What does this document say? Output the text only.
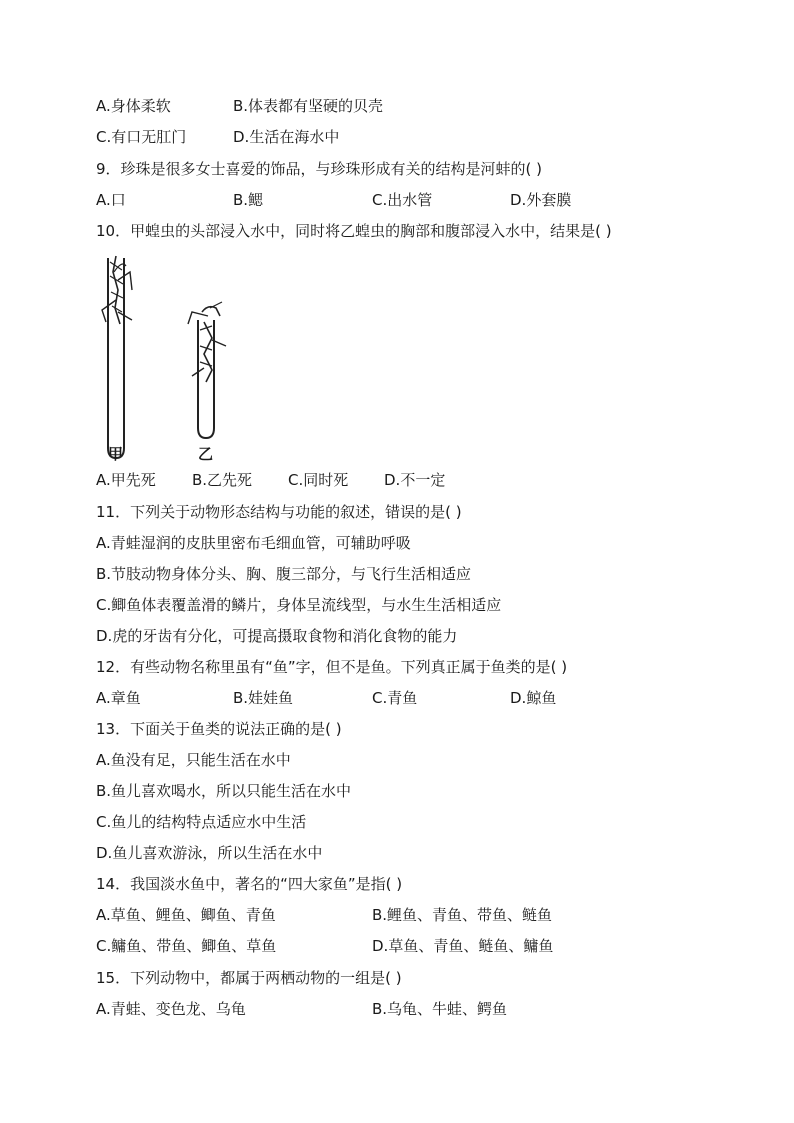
A.身体柔软	B.体表都有坚硬的贝壳
C.有口无肛门	D.生活在海水中
9．珍珠是很多女士喜爱的饰品，与珍珠形成有关的结构是河蚌的( )
A.口	B.鳃	C.出水管	D.外套膜
10．甲蝗虫的头部浸入水中，同时将乙蝗虫的胸部和腹部浸入水中，结果是( )
甲	乙
A.甲先死 B.乙先死 C.同时死 D.不一定
11．下列关于动物形态结构与功能的叙述，错误的是( )
A.青蛙湿润的皮肤里密布毛细血管，可辅助呼吸
B.节肢动物身体分头、胸、腹三部分，与飞行生活相适应
C.鲫鱼体表覆盖滑的鳞片，身体呈流线型，与水生生活相适应
D.虎的牙齿有分化，可提高摄取食物和消化食物的能力
12．有些动物名称里虽有“鱼”字，但不是鱼。下列真正属于鱼类的是( )
A.章鱼	B.娃娃鱼	C.青鱼	D.鲸鱼
13．下面关于鱼类的说法正确的是( )
A.鱼没有足，只能生活在水中
B.鱼儿喜欢喝水，所以只能生活在水中
C.鱼儿的结构特点适应水中生活
D.鱼儿喜欢游泳，所以生活在水中
14．我国淡水鱼中，著名的“四大家鱼”是指( )
A.草鱼、鲤鱼、鲫鱼、青鱼	B.鲤鱼、青鱼、带鱼、鲢鱼
C.鳙鱼、带鱼、鲫鱼、草鱼	D.草鱼、青鱼、鲢鱼、鳙鱼
15．下列动物中，都属于两栖动物的一组是( )
A.青蛙、变色龙、乌龟	B.乌龟、牛蛙、鳄鱼
